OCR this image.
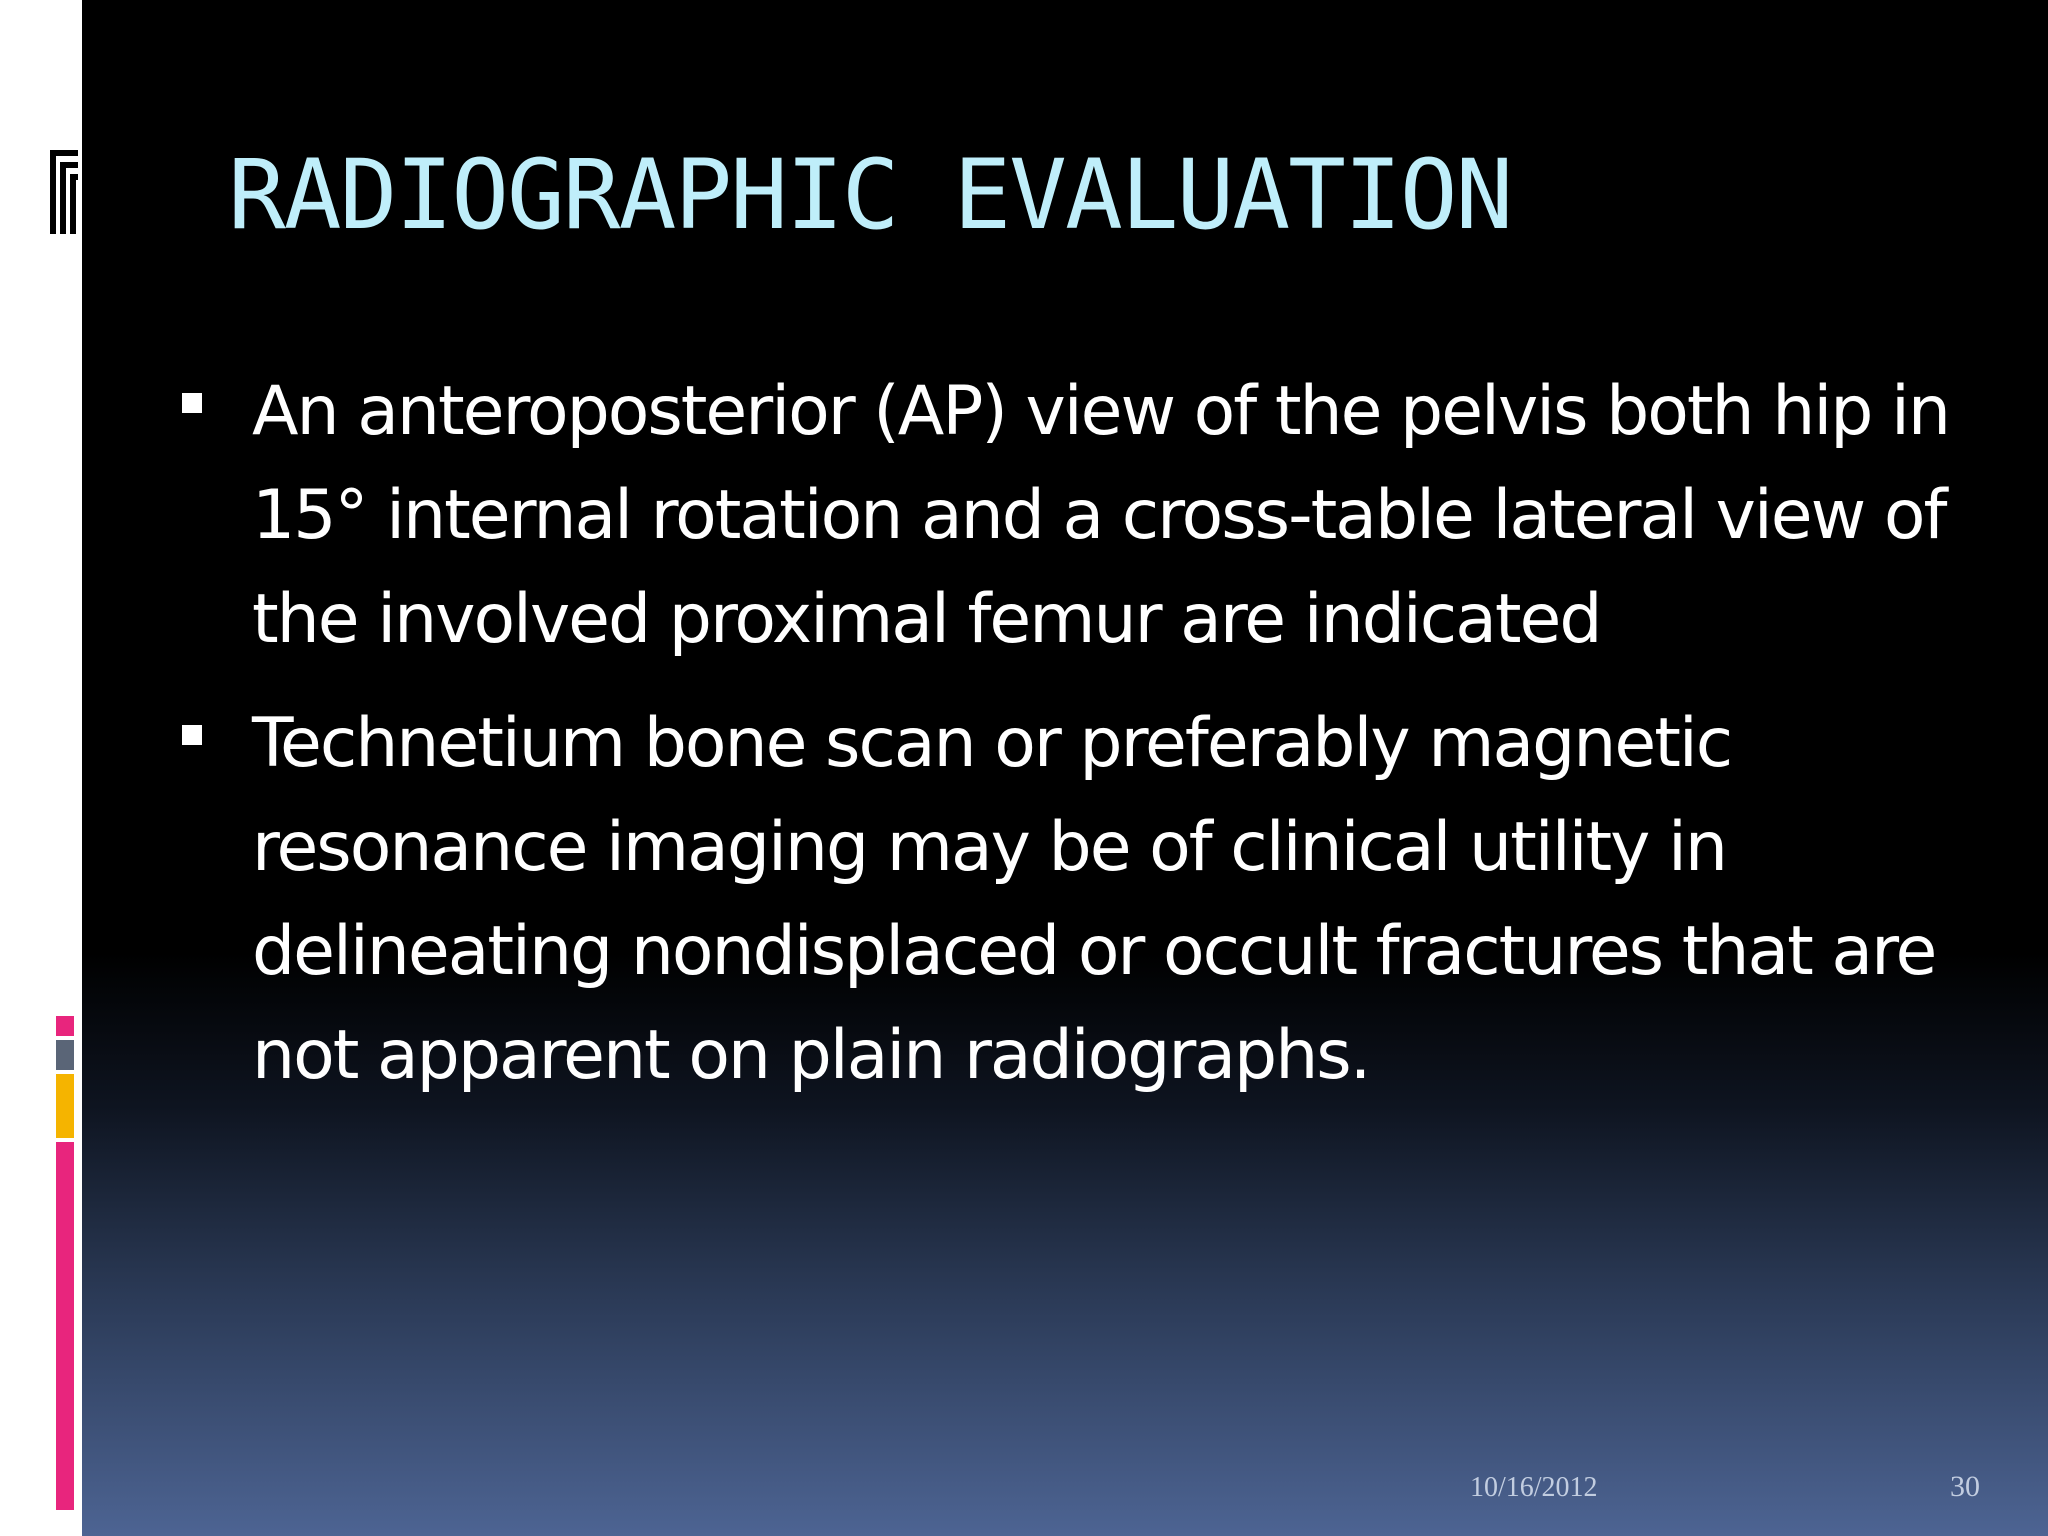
RADIOGRAPHIC EVALUATION
An anteroposterior (AP) view of the pelvis both hip in 15° internal rotation and a cross-table lateral view of the involved proximal femur are indicated
Technetium bone scan or preferably magnetic resonance imaging may be of clinical utility in delineating nondisplaced or occult fractures that are not apparent on plain radiographs.
10/16/2012	30
